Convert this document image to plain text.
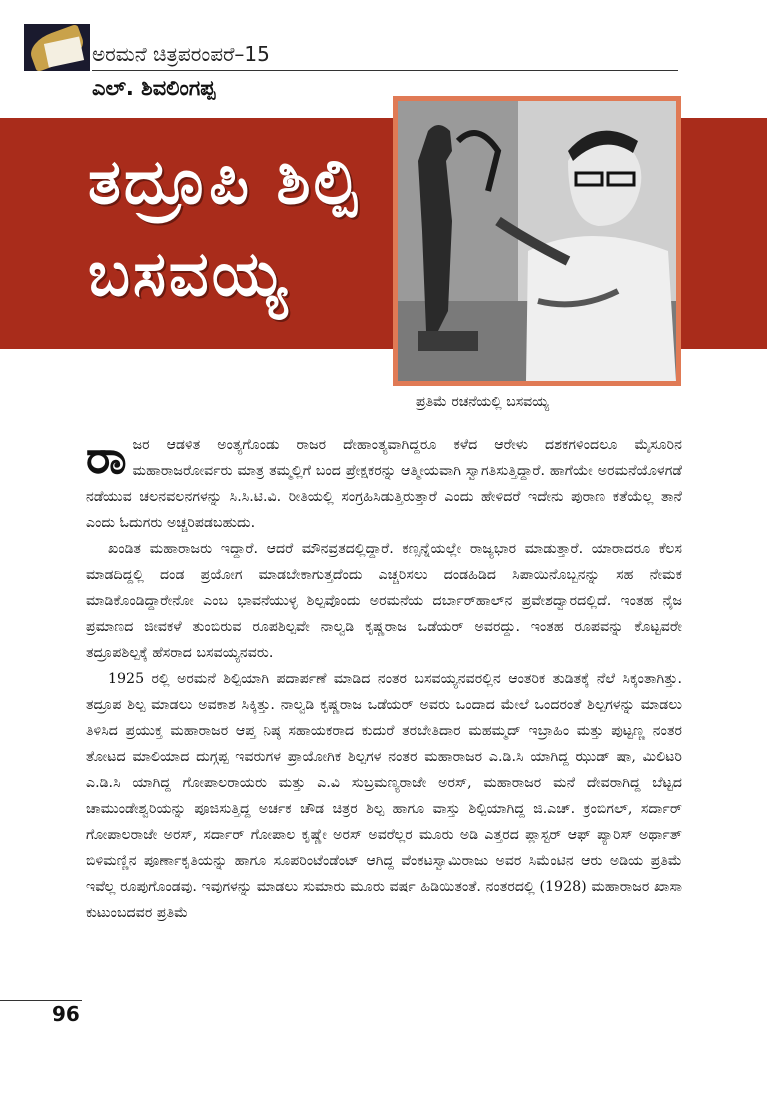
ಅರಮನೆ ಚಿತ್ರಪರಂಪರೆ–15
ಎಲ್. ಶಿವಲಿಂಗಪ್ಪ
ತದ್ರೂಪಿ ಶಿಲ್ಪಿ
ಬಸವಯ್ಯ
ಪ್ರತಿಮೆ ರಚನೆಯಲ್ಲಿ ಬಸವಯ್ಯ

ರಾಜರ ಆಡಳಿತ ಅಂತ್ಯಗೊಂಡು ರಾಜರ ದೇಹಾಂತ್ಯವಾಗಿದ್ದರೂ ಕಳೆದ ಆರೇಳು ದಶಕಗಳಿಂದಲೂ ಮೈಸೂರಿನ ಮಹಾರಾಜರೋರ್ವರು ಮಾತ್ರ ತಮ್ಮಲ್ಲಿಗೆ ಬಂದ ಪ್ರೇಕ್ಷಕರನ್ನು ಆತ್ಮೀಯವಾಗಿ ಸ್ವಾಗತಿಸುತ್ತಿದ್ದಾರೆ. ಹಾಗೆಯೇ ಅರಮನೆಯೊಳಗಡೆ ನಡೆಯುವ ಚಲನವಲನಗಳನ್ನು ಸಿ.ಸಿ.ಟಿ.ವಿ. ರೀತಿಯಲ್ಲಿ ಸಂಗ್ರಹಿಸಿಡುತ್ತಿರುತ್ತಾರೆ ಎಂದು ಹೇಳಿದರೆ ಇದೇನು ಪುರಾಣ ಕತೆಯೆಲ್ಲ ತಾನೆ ಎಂದು ಓದುಗರು ಅಚ್ಚರಿಪಡಬಹುದು.

ಖಂಡಿತ ಮಹಾರಾಜರು ಇದ್ದಾರೆ. ಆದರೆ ಮೌನವ್ರತದಲ್ಲಿದ್ದಾರೆ. ಕಣ್ಸನ್ನೆಯಲ್ಲೇ ರಾಜ್ಯಭಾರ ಮಾಡುತ್ತಾರೆ. ಯಾರಾದರೂ ಕೆಲಸ ಮಾಡದಿದ್ದಲ್ಲಿ ದಂಡ ಪ್ರಯೋಗ ಮಾಡಬೇಕಾಗುತ್ತದೆಂದು ಎಚ್ಚರಿಸಲು ದಂಡಹಿಡಿದ ಸಿಪಾಯಿನೊಬ್ಬನನ್ನು ಸಹ ನೇಮಕ ಮಾಡಿಕೊಂಡಿದ್ದಾರೇನೋ ಎಂಬ ಭಾವನೆಯುಳ್ಳ ಶಿಲ್ಪವೊಂದು ಅರಮನೆಯ ದರ್ಬಾರ್‌ಹಾಲ್‌ನ ಪ್ರವೇಶದ್ವಾರದಲ್ಲಿದೆ. ಇಂತಹ ನೈಜ ಪ್ರಮಾಣದ ಜೀವಕಳೆ ತುಂಬಿರುವ ರೂಪಶಿಲ್ಪವೇ ನಾಲ್ವಡಿ ಕೃಷ್ಣರಾಜ ಒಡೆಯರ್ ಅವರದ್ದು. ಇಂತಹ ರೂಪವನ್ನು ಕೊಟ್ಟವರೇ ತದ್ರೂಪಶಿಲ್ಪಕ್ಕೆ ಹೆಸರಾದ ಬಸವಯ್ಯನವರು.

1925 ರಲ್ಲಿ ಅರಮನೆ ಶಿಲ್ಪಿಯಾಗಿ ಪದಾರ್ಪಣೆ ಮಾಡಿದ ನಂತರ ಬಸವಯ್ಯನವರಲ್ಲಿನ ಆಂತರಿಕ ತುಡಿತಕ್ಕೆ ನೆಲೆ ಸಿಕ್ಕಂತಾಗಿತ್ತು. ತದ್ರೂಪ ಶಿಲ್ಪ ಮಾಡಲು ಅವಕಾಶ ಸಿಕ್ಕಿತ್ತು. ನಾಲ್ವಡಿ ಕೃಷ್ಣರಾಜ ಒಡೆಯರ್ ಅವರು ಒಂದಾದ ಮೇಲೆ ಒಂದರಂತೆ ಶಿಲ್ಪಗಳನ್ನು ಮಾಡಲು ತಿಳಿಸಿದ ಪ್ರಯುಕ್ತ ಮಹಾರಾಜರ ಆಪ್ತ ನಿಷ್ಠ ಸಹಾಯಕರಾದ ಕುದುರೆ ತರಬೇತಿದಾರ ಮಹಮ್ಮದ್ ಇಬ್ರಾಹಿಂ ಮತ್ತು ಪುಟ್ಟಣ್ಣ ನಂತರ ತೋಟದ ಮಾಲಿಯಾದ ದುಗ್ಗಪ್ಪ ಇವರುಗಳ ಪ್ರಾಯೋಗಿಕ ಶಿಲ್ಪಗಳ ನಂತರ ಮಹಾರಾಜರ ಎ.ಡಿ.ಸಿ ಯಾಗಿದ್ದ ಝುಡ್ ಷಾ, ಮಿಲಿಟರಿ ಎ.ಡಿ.ಸಿ ಯಾಗಿದ್ದ ಗೋಪಾಲರಾಯರು ಮತ್ತು ಎ.ವಿ ಸುಬ್ರಮಣ್ಯರಾಜೇ ಅರಸ್, ಮಹಾರಾಜರ ಮನೆ ದೇವರಾಗಿದ್ದ ಬೆಟ್ಟದ ಚಾಮುಂಡೇಶ್ವರಿಯನ್ನು ಪೂಜಿಸುತ್ತಿದ್ದ ಅರ್ಚಕ ಚೌಡ ಚಿತ್ರರ ಶಿಲ್ಪ ಹಾಗೂ ವಾಸ್ತು ಶಿಲ್ಪಿಯಾಗಿದ್ದ ಜಿ.ಎಚ್. ಕ್ರಂಬಿಗಲ್, ಸರ್ದಾರ್ ಗೋಪಾಲರಾಜೇ ಅರಸ್, ಸರ್ದಾರ್ ಗೋಪಾಲ ಕೃಷ್ಣೇ ಅರಸ್ ಅವರೆಲ್ಲರ ಮೂರು ಅಡಿ ಎತ್ತರದ ಪ್ಲಾಸ್ಟರ್ ಆಫ್ ಪ್ಯಾರಿಸ್ ಅರ್ಥಾತ್ ಬಿಳಿಮಣ್ಣಿನ ಪೂರ್ಣಾಕೃತಿಯನ್ನು ಹಾಗೂ ಸೂಪರಿಂಟೆಂಡೆಂಟ್ ಆಗಿದ್ದ ವೆಂಕಟಸ್ವಾಮಿರಾಜು ಅವರ ಸಿಮೆಂಟಿನ ಆರು ಅಡಿಯ ಪ್ರತಿಮೆ ಇವೆಲ್ಲ ರೂಪುಗೊಂಡವು. ಇವುಗಳನ್ನು ಮಾಡಲು ಸುಮಾರು ಮೂರು ವರ್ಷ ಹಿಡಿಯಿತಂತೆ. ನಂತರದಲ್ಲಿ (1928) ಮಹಾರಾಜರ ಖಾಸಾ ಕುಟುಂಬದವರ ಪ್ರತಿಮೆ

96
